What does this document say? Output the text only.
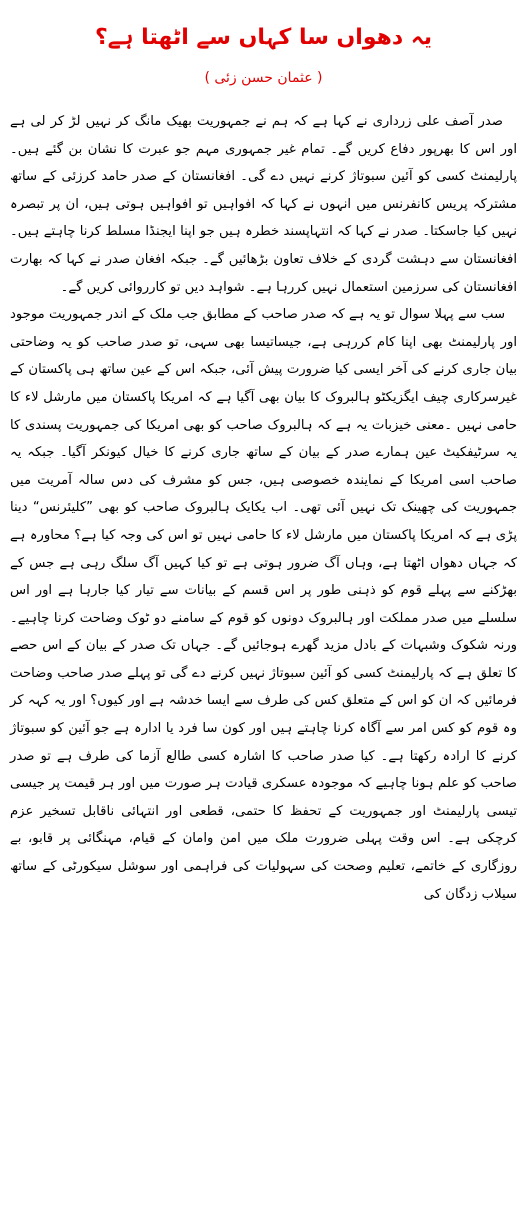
یہ دھواں سا کہاں سے اٹھتا ہے؟
( عثمان حسن زئی )

صدر آصف علی زرداری نے کہا ہے کہ ہم نے جمہوریت بھیک مانگ کر نہیں لڑ کر لی ہے اور اس کا بھرپور دفاع کریں گے۔ تمام غیر جمہوری مہم جو عبرت کا نشان بن گئے ہیں۔ پارلیمنٹ کسی کو آئین سبوتاژ کرنے نہیں دے گی۔ افغانستان کے صدر حامد کرزئی کے ساتھ مشترکہ پریس کانفرنس میں انہوں نے کہا کہ افواہیں تو افواہیں ہوتی ہیں، ان پر تبصرہ نہیں کیا جاسکتا۔ صدر نے کہا کہ انتہاپسند خطرہ ہیں جو اپنا ایجنڈا مسلط کرنا چاہتے ہیں۔ افغانستان سے دہشت گردی کے خلاف تعاون بڑھائیں گے۔ جبکہ افغان صدر نے کہا کہ بھارت افغانستان کی سرزمین استعمال نہیں کررہا ہے۔ شواہد دیں تو کارروائی کریں گے۔

سب سے پہلا سوال تو یہ ہے کہ صدر صاحب کے مطابق جب ملک کے اندر جمہوریت موجود اور پارلیمنٹ بھی اپنا کام کررہی ہے، جیساتیسا بھی سہی، تو صدر صاحب کو یہ وضاحتی بیان جاری کرنے کی آخر ایسی کیا ضرورت پیش آئی، جبکہ اس کے عین ساتھ ہی پاکستان کے غیرسرکاری چیف ایگزیکٹو ہالبروک کا بیان بھی آگیا ہے کہ امریکا پاکستان میں مارشل لاء کا حامی نہیں ۔معنی خیزبات یہ ہے کہ ہالبروک صاحب کو بھی امریکا کی جمہوریت پسندی کا یہ سرٹیفکیٹ عین ہمارے صدر کے بیان کے ساتھ جاری کرنے کا خیال کیونکر آگیا۔ جبکہ یہ صاحب اسی امریکا کے نمایندہ خصوصی ہیں، جس کو مشرف کی دس سالہ آمریت میں جمہوریت کی چھینک تک نہیں آئی تھی۔ اب یکایک ہالبروک صاحب کو بھی ”کلیئرنس“ دینا پڑی ہے کہ امریکا پاکستان میں مارشل لاء کا حامی نہیں تو اس کی وجہ کیا ہے؟ محاورہ ہے کہ جہاں دھواں اٹھتا ہے، وہاں آگ ضرور ہوتی ہے تو کیا کہیں آگ سلگ رہی ہے جس کے بھڑکنے سے پہلے قوم کو ذہنی طور پر اس قسم کے بیانات سے تیار کیا جارہا ہے اور اس سلسلے میں صدر مملکت اور ہالبروک دونوں کو قوم کے سامنے دو ٹوک وضاحت کرنا چاہیے۔ ورنہ شکوک وشبہات کے بادل مزید گھرے ہوجائیں گے۔ جہاں تک صدر کے بیان کے اس حصے کا تعلق ہے کہ پارلیمنٹ کسی کو آئین سبوتاژ نہیں کرنے دے گی تو پہلے صدر صاحب وضاحت فرمائیں کہ ان کو اس کے متعلق کس کی طرف سے ایسا خدشہ ہے اور کیوں؟ اور یہ کہہ کر وہ قوم کو کس امر سے آگاہ کرنا چاہتے ہیں اور کون سا فرد یا ادارہ ہے جو آئین کو سبوتاژ کرنے کا ارادہ رکھتا ہے۔ کیا صدر صاحب کا اشارہ کسی طالع آزما کی طرف ہے تو صدر صاحب کو علم ہونا چاہیے کہ موجودہ عسکری قیادت ہر صورت میں اور ہر قیمت پر جیسی تیسی پارلیمنٹ اور جمہوریت کے تحفظ کا حتمی، قطعی اور انتہائی ناقابل تسخیر عزم کرچکی ہے۔ اس وقت پہلی ضرورت ملک میں امن وامان کے قیام، مہنگائی پر قابو، بے روزگاری کے خاتمے، تعلیم وصحت کی سہولیات کی فراہمی اور سوشل سیکورٹی کے ساتھ سیلاب زدگان کی
